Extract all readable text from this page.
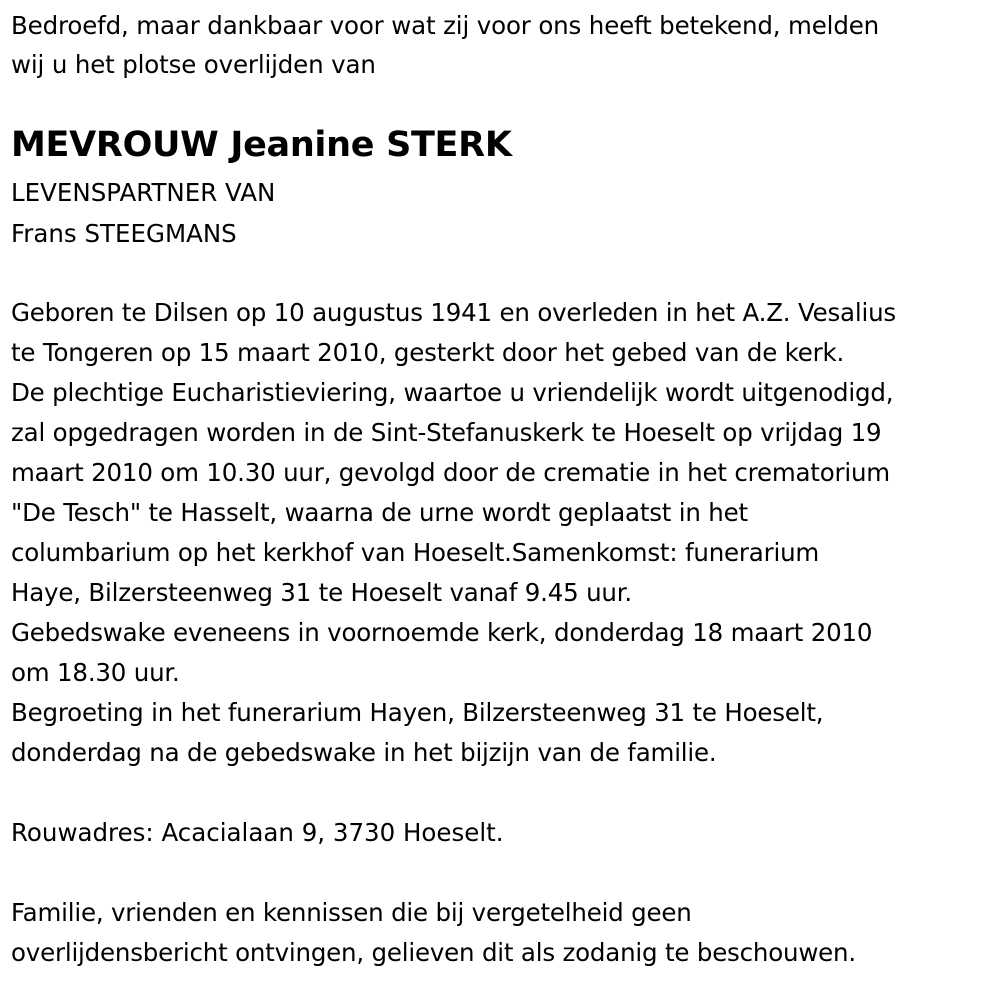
Bedroefd, maar dankbaar voor wat zij voor ons heeft betekend, melden
wij u het plotse overlijden van
MEVROUW Jeanine STERK
LEVENSPARTNER VAN
Frans STEEGMANS
Geboren te Dilsen op 10 augustus 1941 en overleden in het A.Z. Vesalius
te Tongeren op 15 maart 2010, gesterkt door het gebed van de kerk.
De plechtige Eucharistieviering, waartoe u vriendelijk wordt uitgenodigd,
zal opgedragen worden in de Sint-Stefanuskerk te Hoeselt op vrijdag 19
maart 2010 om 10.30 uur, gevolgd door de crematie in het crematorium
"De Tesch" te Hasselt, waarna de urne wordt geplaatst in het
columbarium op het kerkhof van Hoeselt.Samenkomst: funerarium
Haye, Bilzersteenweg 31 te Hoeselt vanaf 9.45 uur.
Gebedswake eveneens in voornoemde kerk, donderdag 18 maart 2010
om 18.30 uur.
Begroeting in het funerarium Hayen, Bilzersteenweg 31 te Hoeselt,
donderdag na de gebedswake in het bijzijn van de familie.
Rouwadres: Acacialaan 9, 3730 Hoeselt.
Familie, vrienden en kennissen die bij vergetelheid geen
overlijdensbericht ontvingen, gelieven dit als zodanig te beschouwen.
